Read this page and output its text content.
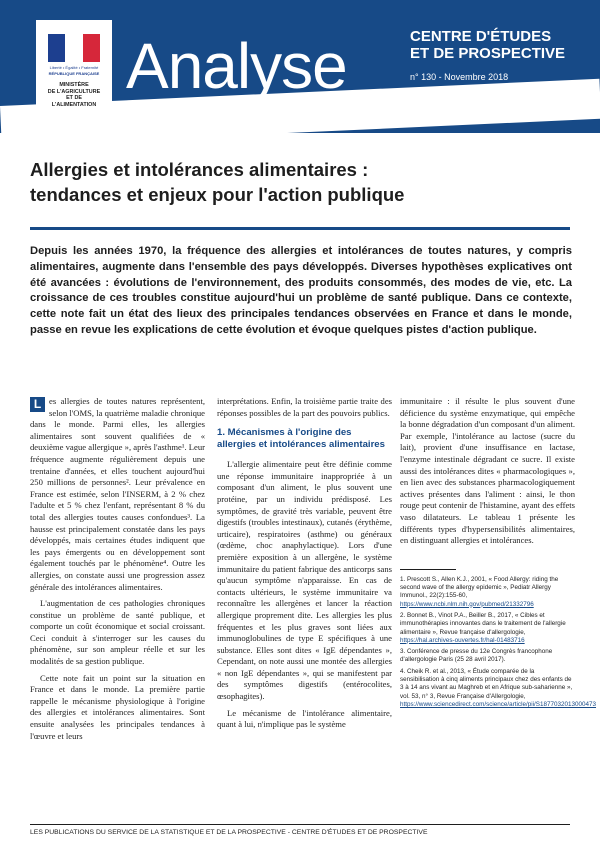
Analyse	CENTRE D'ÉTUDES
ET DE PROSPECTIVE
n° 130 - Novembre 2018
Liberté • Égalité • Fraternité
RÉPUBLIQUE FRANÇAISE
MINISTÈRE
DE L'AGRICULTURE
ET DE
L'ALIMENTATION
Allergies et intolérances alimentaires :
tendances et enjeux pour l'action publique
Depuis les années 1970, la fréquence des allergies et intolérances de toutes natures, y compris alimentaires, augmente dans l'ensemble des pays développés. Diverses hypothèses explicatives ont été avancées : évolutions de l'environnement, des produits consommés, des modes de vie, etc. La croissance de ces troubles constitue aujourd'hui un problème de santé publique. Dans ce contexte, cette note fait un état des lieux des principales tendances observées en France et dans le monde, passe en revue les explications de cette évolution et évoque quelques pistes d'action publique.

L es allergies de toutes natures représentent, selon l'OMS, la quatrième maladie chronique dans le monde. Parmi elles, les allergies alimentaires sont souvent qualifiées de « deuxième vague allergique », après l'asthme¹. Leur fréquence augmente régulièrement depuis une trentaine d'années, et elles touchent aujourd'hui 250 millions de personnes². Leur prévalence en France est estimée, selon l'INSERM, à 2 % chez l'adulte et 5 % chez l'enfant, représentant 8 % du total des allergies toutes causes confondues³. La hausse est principalement constatée dans les pays développés, mais certaines études indiquent que les pays émergents ou en développement sont également touchés par le phénomène⁴. Outre les allergies, on constate aussi une progression assez générale des intolérances alimentaires.

L'augmentation de ces pathologies chroniques constitue un problème de santé publique, et comporte un coût économique et social croissant. Ceci conduit à s'interroger sur les causes du phénomène, sur son ampleur réelle et sur les modalités de sa gestion publique.

Cette note fait un point sur la situation en France et dans le monde. La première partie rappelle le mécanisme physiologique à l'origine des allergies et intolérances alimentaires. Sont ensuite analysées les principales tendances à l'œuvre et leurs

interprétations. Enfin, la troisième partie traite des réponses possibles de la part des pouvoirs publics.

1. Mécanismes à l'origine des allergies et intolérances alimentaires

L'allergie alimentaire peut être définie comme une réponse immunitaire inappropriée à un composant d'un aliment, le plus souvent une protéine, par un individu prédisposé. Les symptômes, de gravité très variable, peuvent être digestifs (troubles intestinaux), cutanés (érythème, urticaire), respiratoires (asthme) ou généraux (œdème, choc anaphylactique). Lors d'une première exposition à un allergène, le système immunitaire du patient fabrique des anticorps sans qu'aucun symptôme n'apparaisse. En cas de contacts ultérieurs, le système immunitaire va reconnaître les allergènes et lancer la réaction allergique proprement dite. Les allergies les plus fréquentes et les plus graves sont liées aux immunoglobulines de type E spécifiques à une substance. Elles sont dites « IgE dépendantes », Cependant, on note aussi une montée des allergies « non IgE dépendantes », qui se manifestent par des symptômes digestifs (entérocolites, œsophagites).

Le mécanisme de l'intolérance alimentaire, quant à lui, n'implique pas le système

immunitaire : il résulte le plus souvent d'une déficience du système enzymatique, qui empêche la bonne dégradation d'un composant d'un aliment. Par exemple, l'intolérance au lactose (sucre du lait), provient d'une insuffisance en lactase, l'enzyme intestinale dégradant ce sucre. Il existe aussi des intolérances dites « pharmacologiques », en lien avec des substances pharmacologiquement actives présentes dans l'aliment : ainsi, le thon rouge peut contenir de l'histamine, ayant des effets vaso dilatateurs. Le tableau 1 présente les différents types d'hypersensibilités alimentaires, en distinguant allergies et intolérances.

1. Prescott S., Allen K.J., 2001, « Food Allergy: riding the second wave of the allergy epidemic », Pediatr Allergy Immunol., 22(2):155-60, https://www.ncbi.nlm.nih.gov/pubmed/21332796
2. Bonnet B., Vinot P.A., Beiller B., 2017, « Cibles et immunothérapies innovantes dans le traitement de l'allergie alimentaire », Revue française d'allergologie, https://hal.archives-ouvertes.fr/hal-01483716
3. Conférence de presse du 12e Congrès francophone d'allergologie Paris (25 28 avril 2017).
4. Cheik R. et al., 2013, « Étude comparée de la sensibilisation à cinq aliments principaux chez des enfants de 3 à 14 ans vivant au Maghreb et en Afrique sub-saharienne », vol. 53, n° 3, Revue Française d'Allergologie, https://www.sciencedirect.com/science/article/pii/S1877032013000473
LES PUBLICATIONS DU SERVICE DE LA STATISTIQUE ET DE LA PROSPECTIVE - CENTRE D'ÉTUDES ET DE PROSPECTIVE
